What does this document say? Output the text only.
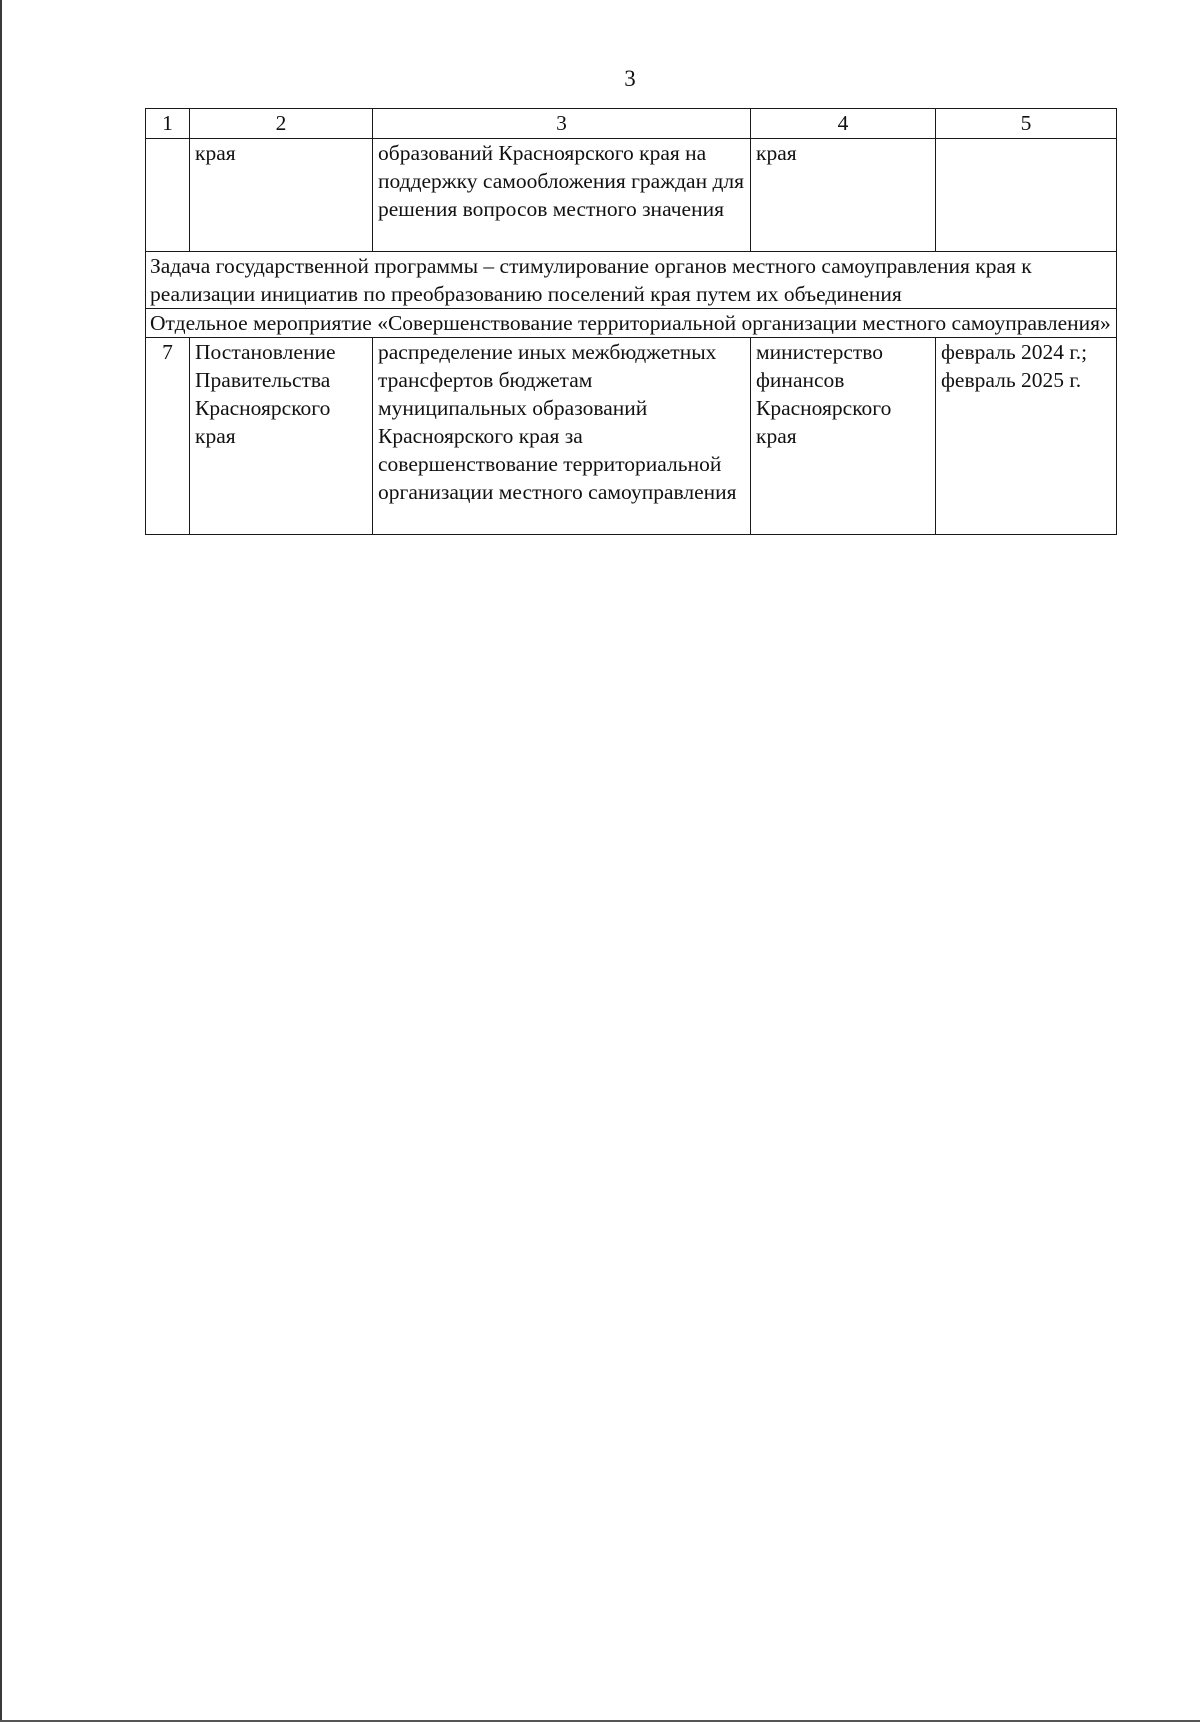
3
1	2	3	4	5
	края	образований Красноярского края на поддержку самообложения граждан для решения вопросов местного значения	края	
Задача государственной программы – стимулирование органов местного самоуправления края к реализации инициатив по преобразованию поселений края путем их объединения				
Отдельное мероприятие «Совершенствование территориальной организации местного самоуправления»				
7	Постановление Правительства Красноярского края	распределение иных межбюджетных трансфертов бюджетам муниципальных образований Красноярского края за совершенствование территориальной организации местного самоуправления	министерство финансов Красноярского края	февраль 2024 г.; февраль 2025 г.
